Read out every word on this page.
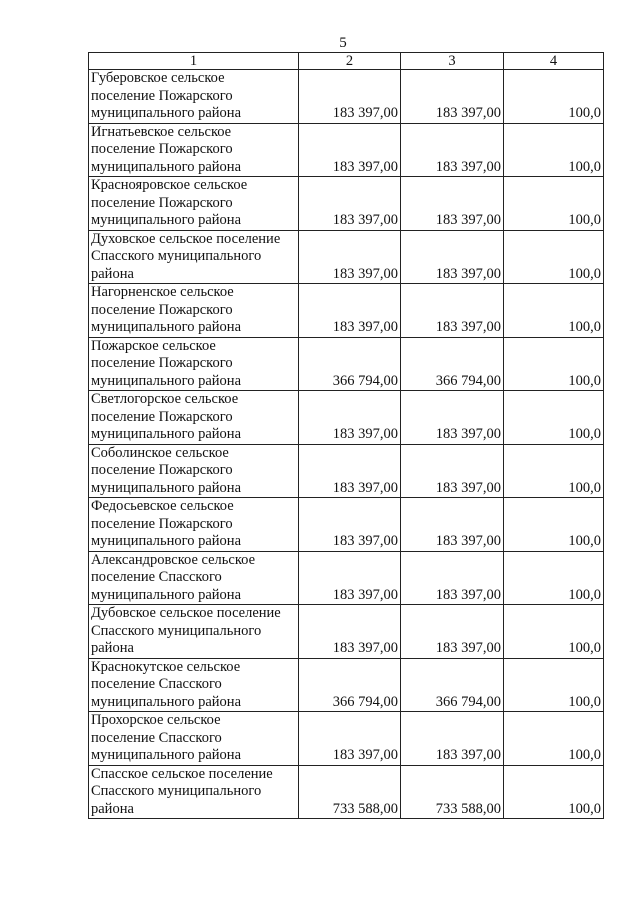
5
1	2	3	4

Губеровское сельское
поселение Пожарского
муниципального района	183 397,00	183 397,00	100,0

Игнатьевское сельское
поселение Пожарского
муниципального района	183 397,00	183 397,00	100,0

Краснояровское сельское
поселение Пожарского
муниципального района	183 397,00	183 397,00	100,0

Духовское сельское поселение
Спасского муниципального
района	183 397,00	183 397,00	100,0

Нагорненское сельское
поселение Пожарского
муниципального района	183 397,00	183 397,00	100,0

Пожарское сельское
поселение Пожарского
муниципального района	366 794,00	366 794,00	100,0

Светлогорское сельское
поселение Пожарского
муниципального района	183 397,00	183 397,00	100,0

Соболинское сельское
поселение Пожарского
муниципального района	183 397,00	183 397,00	100,0

Федосьевское сельское
поселение Пожарского
муниципального района	183 397,00	183 397,00	100,0

Александровское сельское
поселение Спасского
муниципального района	183 397,00	183 397,00	100,0

Дубовское сельское поселение
Спасского муниципального
района	183 397,00	183 397,00	100,0

Краснокутское сельское
поселение Спасского
муниципального района	366 794,00	366 794,00	100,0

Прохорское сельское
поселение Спасского
муниципального района	183 397,00	183 397,00	100,0

Спасское сельское поселение
Спасского муниципального
района	733 588,00	733 588,00	100,0
